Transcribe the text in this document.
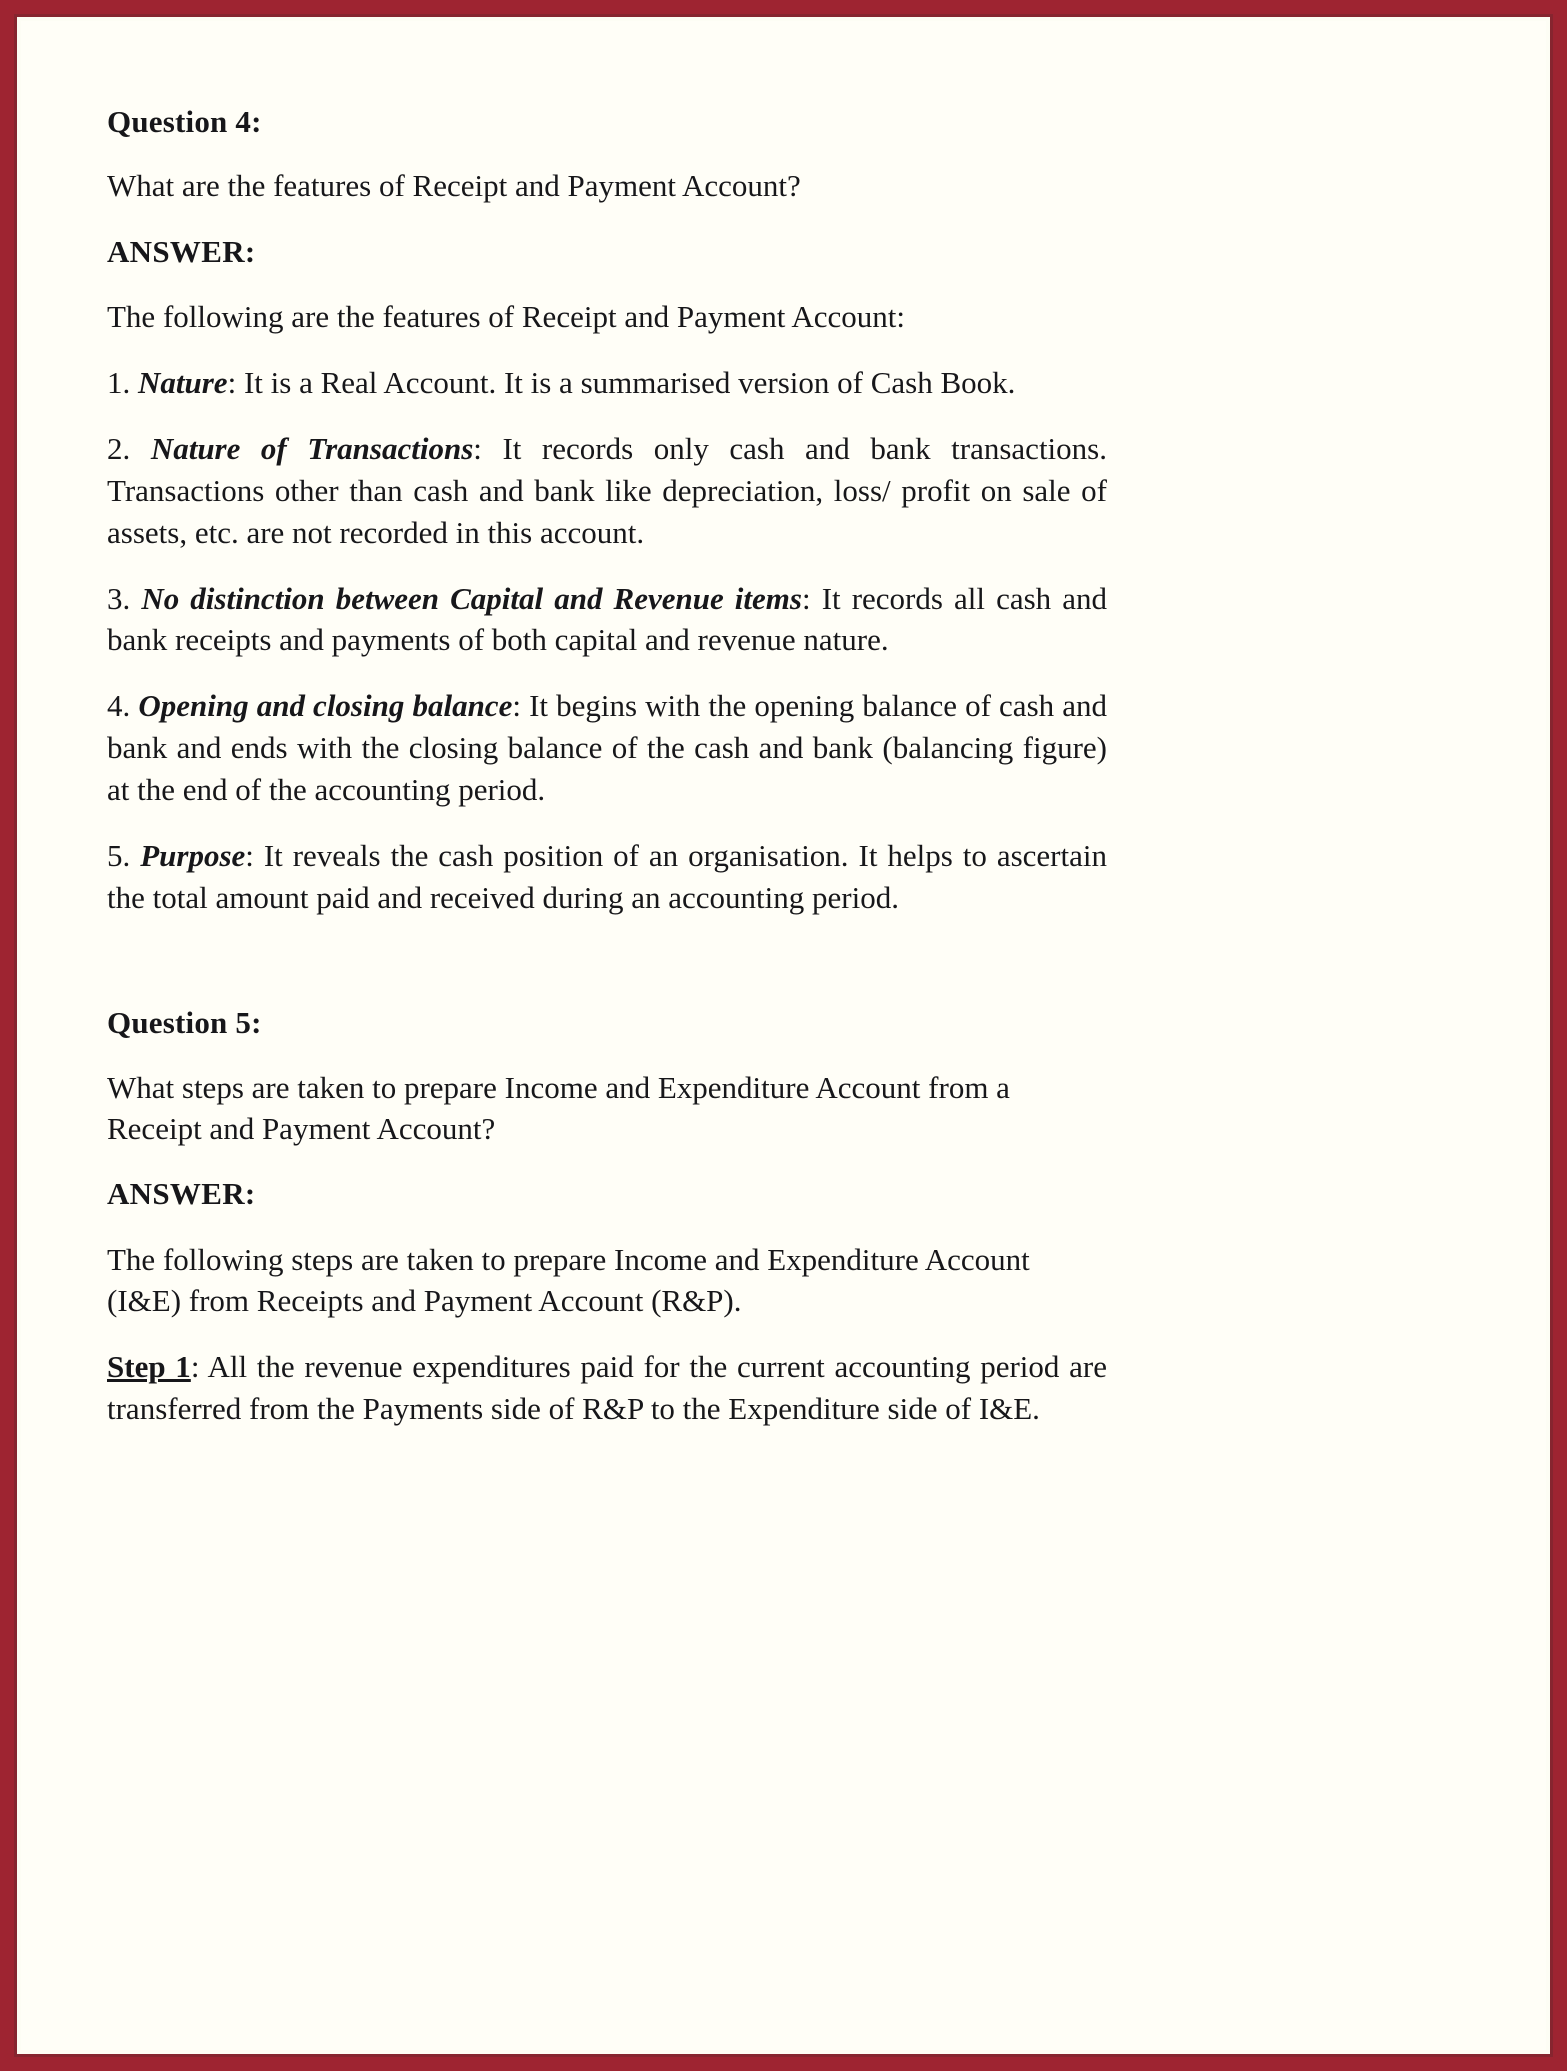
Question 4:

What are the features of Receipt and Payment Account?

ANSWER:

The following are the features of Receipt and Payment Account:

1. Nature: It is a Real Account. It is a summarised version of Cash Book.

2. Nature of Transactions: It records only cash and bank transactions. Transactions other than cash and bank like depreciation, loss/ profit on sale of assets, etc. are not recorded in this account.

3. No distinction between Capital and Revenue items: It records all cash and bank receipts and payments of both capital and revenue nature.

4. Opening and closing balance: It begins with the opening balance of cash and bank and ends with the closing balance of the cash and bank (balancing figure) at the end of the accounting period.

5. Purpose: It reveals the cash position of an organisation. It helps to ascertain the total amount paid and received during an accounting period.

Question 5:

What steps are taken to prepare Income and Expenditure Account from a Receipt and Payment Account?

ANSWER:

The following steps are taken to prepare Income and Expenditure Account (I&E) from Receipts and Payment Account (R&P).

Step 1: All the revenue expenditures paid for the current accounting period are transferred from the Payments side of R&P to the Expenditure side of I&E.
